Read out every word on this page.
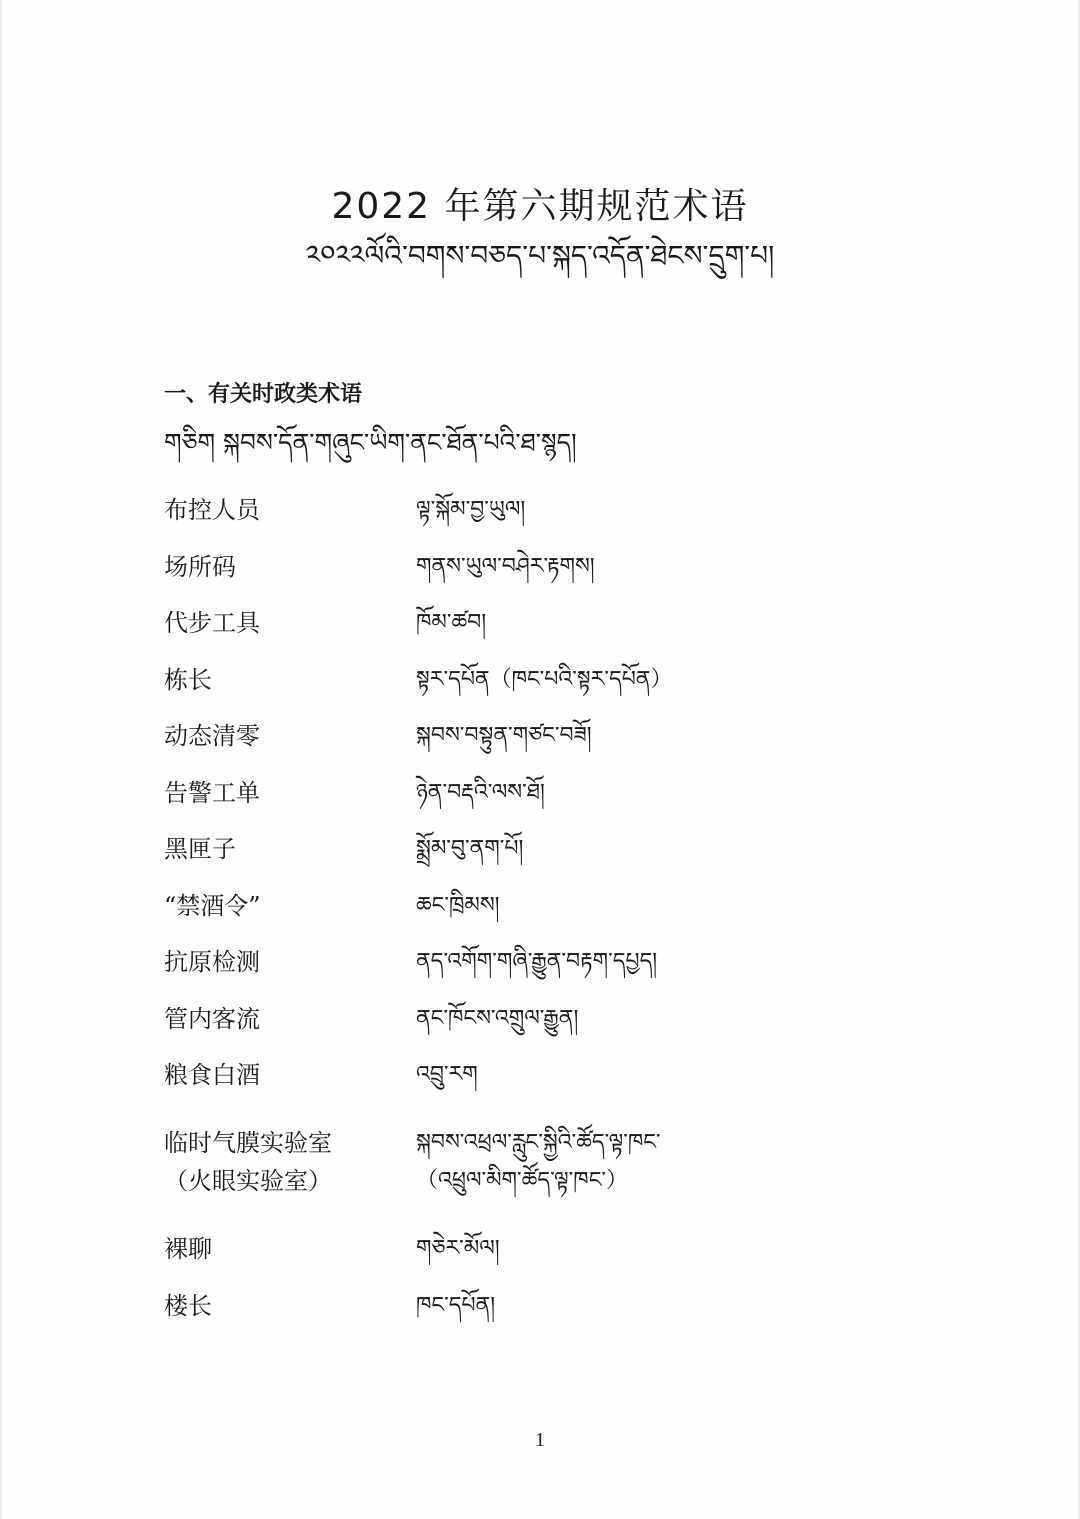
2022 年第六期规范术语
༢༠༢༢ལོའི་བགས་བཅད་པ་སྐད་འདོན་ཐེངས་དྲུག་པ།
一、有关时政类术语
གཅིག སྐབས་དོན་གཞུང་ཡིག་ནང་ཐོན་པའི་ཐ་སྙད།
布控人员	ལྟ་སྐོམ་བྱ་ཡུལ།
场所码	གནས་ཡུལ་བཤེར་རྟགས།
代步工具	ཁོམ་ཚབ།
栋长	སྟར་དཔོན（ཁང་པའི་སྟར་དཔོན）
动态清零	སྐབས་བསྟུན་གཙང་བཟོ།
告警工单	ཉེན་བརྡའི་ལས་ཐོ།
黑匣子	སྨྲོམ་བུ་ནག་པོ།
“禁酒令”	ཆང་ཁྲིམས།
抗原检测	ནད་འགོག་གཞི་རྒྱུན་བརྟག་དཔྱད།
管内客流	ནང་ཁོངས་འགྲུལ་རྒྱུན།
粮食白酒	འབྲུ་རག
临时气膜实验室	སྐབས་འཕྲལ་རླུང་སྐྱིའི་ཚོད་ལྟ་ཁང་
（火眼实验室）	（འཕྲུལ་མིག་ཚོད་ལྟ་ཁང་）
裸聊	གཅེར་མོལ།
楼长	ཁང་དཔོན།
1
